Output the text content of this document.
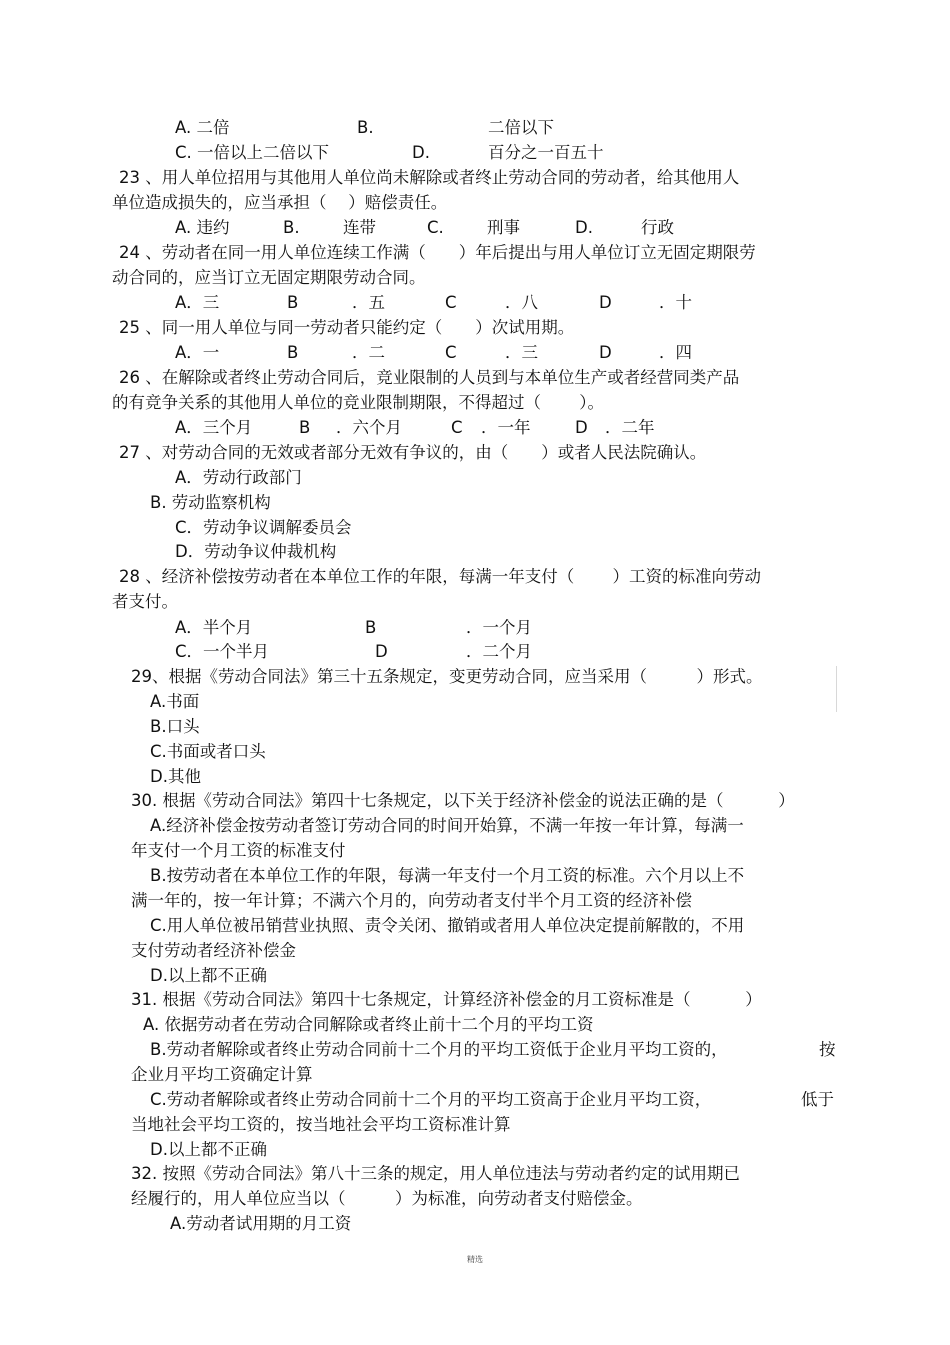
A. 二倍	B.	二倍以下
C. 一倍以上二倍以下	D.	百分之一百五十
23 、用人单位招用与其他用人单位尚未解除或者终止劳动合同的劳动者，给其他用人
单位造成损失的，应当承担（　 ）赔偿责任。
A. 违约	B.	连带	C.	刑事	D.	行政
24 、劳动者在同一用人单位连续工作满（　　）年后提出与用人单位订立无固定期限劳
动合同的，应当订立无固定期限劳动合同。
A．三	B	．五	C	．八	D	．十
25 、同一用人单位与同一劳动者只能约定（　　）次试用期。
A．一	B	．二	C	．三	D	．四
26 、在解除或者终止劳动合同后，竞业限制的人员到与本单位生产或者经营同类产品
的有竞争关系的其他用人单位的竞业限制期限，不得超过（　　 ）。
A．三个月	B ．六个月	C ．一年	D ．二年
27 、对劳动合同的无效或者部分无效有争议的，由（　　）或者人民法院确认。
A．劳动行政部门
B. 劳动监察机构
C．劳动争议调解委员会
D．劳动争议仲裁机构
28 、经济补偿按劳动者在本单位工作的年限，每满一年支付（　　 ）工资的标准向劳动
者支付。
A．半个月	B	．一个月
C．一个半月	D	．二个月
29、根据《劳动合同法》第三十五条规定，变更劳动合同，应当采用（　　　）形式。
A.书面
B.口头
C.书面或者口头
D.其他
30. 根据《劳动合同法》第四十七条规定，以下关于经济补偿金的说法正确的是（　　　 ）
A.经济补偿金按劳动者签订劳动合同的时间开始算，不满一年按一年计算，每满一
年支付一个月工资的标准支付
B.按劳动者在本单位工作的年限，每满一年支付一个月工资的标准。六个月以上不
满一年的，按一年计算；不满六个月的，向劳动者支付半个月工资的经济补偿
C.用人单位被吊销营业执照、责令关闭、撤销或者用人单位决定提前解散的，不用
支付劳动者经济补偿金
D.以上都不正确
31. 根据《劳动合同法》第四十七条规定，计算经济补偿金的月工资标准是（　　　 ）
A. 依据劳动者在劳动合同解除或者终止前十二个月的平均工资
B.劳动者解除或者终止劳动合同前十二个月的平均工资低于企业月平均工资的，	按
企业月平均工资确定计算
C.劳动者解除或者终止劳动合同前十二个月的平均工资高于企业月平均工资，	低于
当地社会平均工资的，按当地社会平均工资标准计算
D.以上都不正确
32. 按照《劳动合同法》第八十三条的规定，用人单位违法与劳动者约定的试用期已
经履行的，用人单位应当以（　　　）为标准，向劳动者支付赔偿金。
A.劳动者试用期的月工资
精选
